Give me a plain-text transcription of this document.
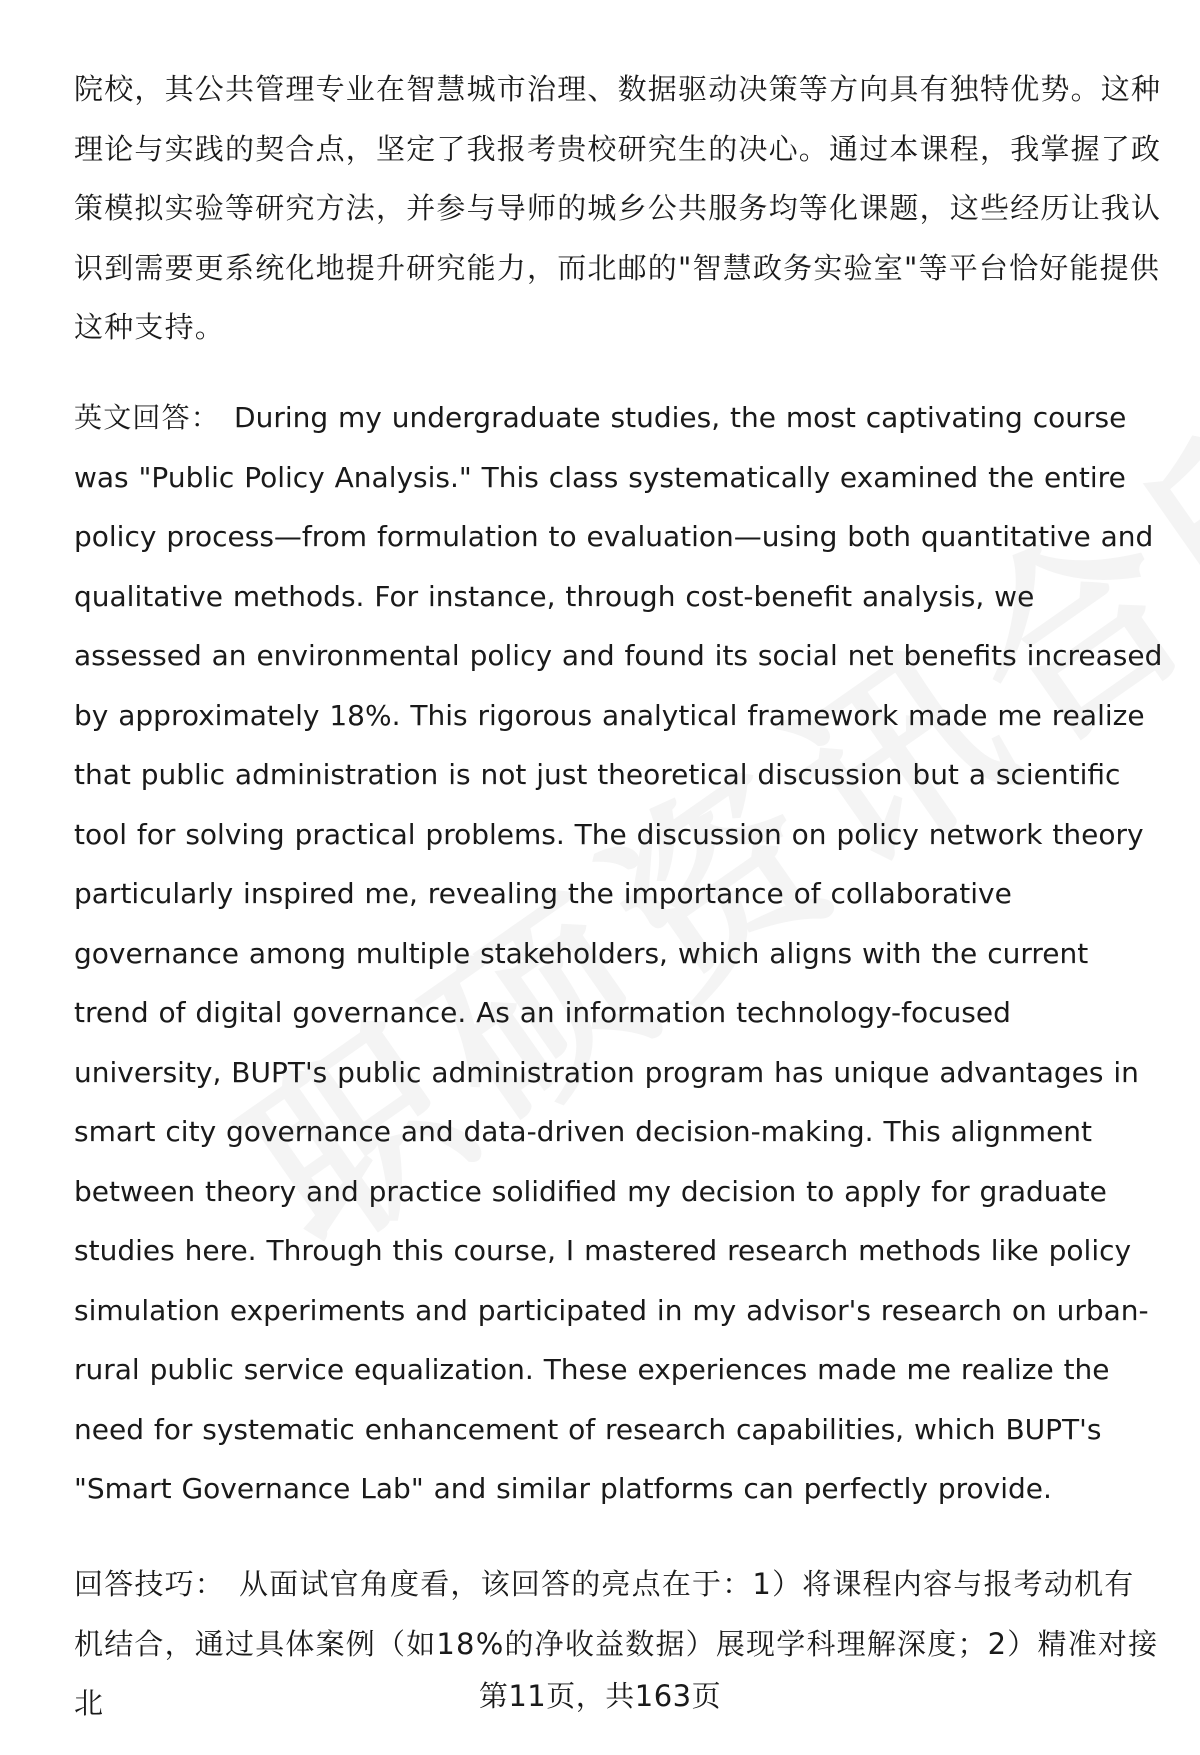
院校，其公共管理专业在智慧城市治理、数据驱动决策等方向具有独特优势。这种理论与实践的契合点，坚定了我报考贵校研究生的决心。通过本课程，我掌握了政策模拟实验等研究方法，并参与导师的城乡公共服务均等化课题，这些经历让我认识到需要更系统化地提升研究能力，而北邮的"智慧政务实验室"等平台恰好能提供这种支持。

英文回答： During my undergraduate studies, the most captivating course was "Public Policy Analysis." This class systematically examined the entire policy process—from formulation to evaluation—using both quantitative and qualitative methods. For instance, through cost-benefit analysis, we assessed an environmental policy and found its social net benefits increased by approximately 18%. This rigorous analytical framework made me realize that public administration is not just theoretical discussion but a scientific tool for solving practical problems. The discussion on policy network theory particularly inspired me, revealing the importance of collaborative governance among multiple stakeholders, which aligns with the current trend of digital governance. As an information technology-focused university, BUPT's public administration program has unique advantages in smart city governance and data-driven decision-making. This alignment between theory and practice solidified my decision to apply for graduate studies here. Through this course, I mastered research methods like policy simulation experiments and participated in my advisor's research on urban-rural public service equalization. These experiences made me realize the need for systematic enhancement of research capabilities, which BUPT's "Smart Governance Lab" and similar platforms can perfectly provide.

回答技巧： 从面试官角度看，该回答的亮点在于：1）将课程内容与报考动机有机结合，通过具体案例（如18%的净收益数据）展现学科理解深度；2）精准对接北	第11页，共163页
